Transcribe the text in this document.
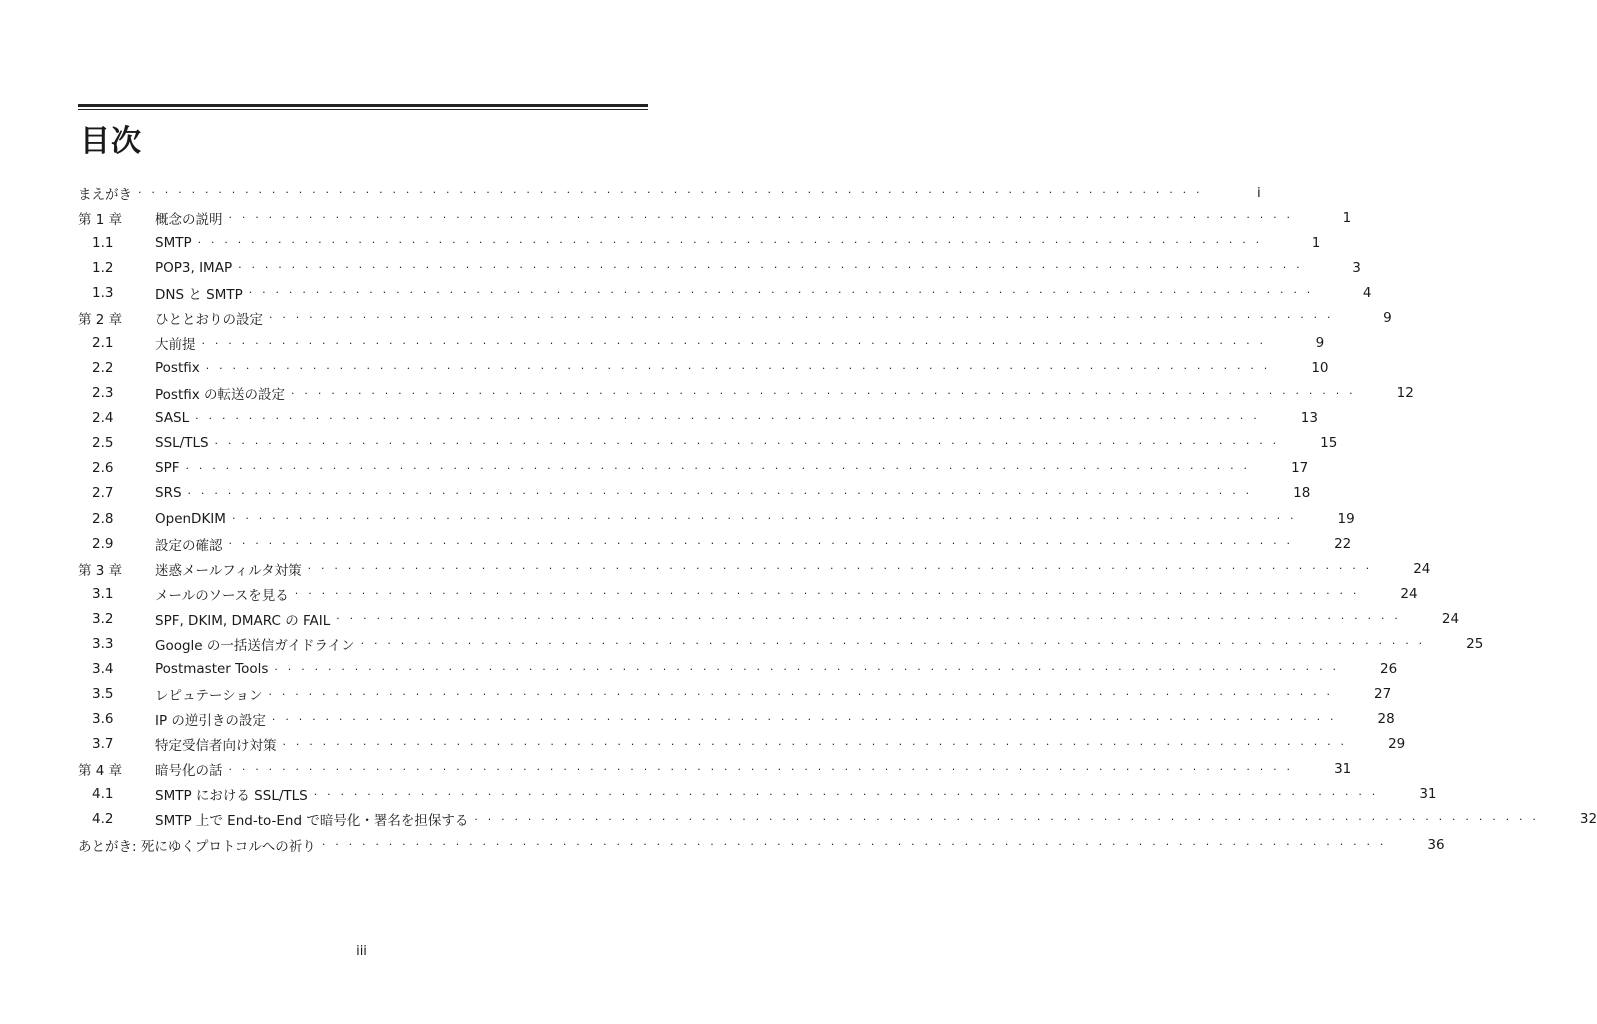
目次
まえがき · · · · · · · · · · · · · · · · · · · · · · · · · · · · · · · · · · · · · · · · · · · · · · · · · · · · · · · · · · · · · · · · · · · · · · · · · · · · · · · ·	i
第 1 章	概念の説明 · · · · · · · · · · · · · · · · · · · · · · · · · · · · · · · · · · · · · · · · · · · · · · · · · · · · · · · · · · · · · · · · · · · · · · · · · · · · · · · ·	1
1.1	SMTP · · · · · · · · · · · · · · · · · · · · · · · · · · · · · · · · · · · · · · · · · · · · · · · · · · · · · · · · · · · · · · · · · · · · · · · · · · · · · · · ·	1
1.2	POP3, IMAP · · · · · · · · · · · · · · · · · · · · · · · · · · · · · · · · · · · · · · · · · · · · · · · · · · · · · · · · · · · · · · · · · · · · · · · · · · · · · · · ·	3
1.3	DNS と SMTP · · · · · · · · · · · · · · · · · · · · · · · · · · · · · · · · · · · · · · · · · · · · · · · · · · · · · · · · · · · · · · · · · · · · · · · · · · · · · · · ·	4
第 2 章	ひととおりの設定 · · · · · · · · · · · · · · · · · · · · · · · · · · · · · · · · · · · · · · · · · · · · · · · · · · · · · · · · · · · · · · · · · · · · · · · · · · · · · · · ·	9
2.1	大前提 · · · · · · · · · · · · · · · · · · · · · · · · · · · · · · · · · · · · · · · · · · · · · · · · · · · · · · · · · · · · · · · · · · · · · · · · · · · · · · · ·	9
2.2	Postfix · · · · · · · · · · · · · · · · · · · · · · · · · · · · · · · · · · · · · · · · · · · · · · · · · · · · · · · · · · · · · · · · · · · · · · · · · · · · · · · ·	10
2.3	Postfix の転送の設定 · · · · · · · · · · · · · · · · · · · · · · · · · · · · · · · · · · · · · · · · · · · · · · · · · · · · · · · · · · · · · · · · · · · · · · · · · · · · · · · ·	12
2.4	SASL · · · · · · · · · · · · · · · · · · · · · · · · · · · · · · · · · · · · · · · · · · · · · · · · · · · · · · · · · · · · · · · · · · · · · · · · · · · · · · · ·	13
2.5	SSL/TLS · · · · · · · · · · · · · · · · · · · · · · · · · · · · · · · · · · · · · · · · · · · · · · · · · · · · · · · · · · · · · · · · · · · · · · · · · · · · · · · ·	15
2.6	SPF · · · · · · · · · · · · · · · · · · · · · · · · · · · · · · · · · · · · · · · · · · · · · · · · · · · · · · · · · · · · · · · · · · · · · · · · · · · · · · · ·	17
2.7	SRS · · · · · · · · · · · · · · · · · · · · · · · · · · · · · · · · · · · · · · · · · · · · · · · · · · · · · · · · · · · · · · · · · · · · · · · · · · · · · · · ·	18
2.8	OpenDKIM · · · · · · · · · · · · · · · · · · · · · · · · · · · · · · · · · · · · · · · · · · · · · · · · · · · · · · · · · · · · · · · · · · · · · · · · · · · · · · · ·	19
2.9	設定の確認 · · · · · · · · · · · · · · · · · · · · · · · · · · · · · · · · · · · · · · · · · · · · · · · · · · · · · · · · · · · · · · · · · · · · · · · · · · · · · · · ·	22
第 3 章	迷惑メールフィルタ対策 · · · · · · · · · · · · · · · · · · · · · · · · · · · · · · · · · · · · · · · · · · · · · · · · · · · · · · · · · · · · · · · · · · · · · · · · · · · · · · · ·	24
3.1	メールのソースを見る · · · · · · · · · · · · · · · · · · · · · · · · · · · · · · · · · · · · · · · · · · · · · · · · · · · · · · · · · · · · · · · · · · · · · · · · · · · · · · · ·	24
3.2	SPF, DKIM, DMARC の FAIL · · · · · · · · · · · · · · · · · · · · · · · · · · · · · · · · · · · · · · · · · · · · · · · · · · · · · · · · · · · · · · · · · · · · · · · · · · · · · · · ·	24
3.3	Google の一括送信ガイドライン · · · · · · · · · · · · · · · · · · · · · · · · · · · · · · · · · · · · · · · · · · · · · · · · · · · · · · · · · · · · · · · · · · · · · · · · · · · · · · · ·	25
3.4	Postmaster Tools · · · · · · · · · · · · · · · · · · · · · · · · · · · · · · · · · · · · · · · · · · · · · · · · · · · · · · · · · · · · · · · · · · · · · · · · · · · · · · · ·	26
3.5	レピュテーション · · · · · · · · · · · · · · · · · · · · · · · · · · · · · · · · · · · · · · · · · · · · · · · · · · · · · · · · · · · · · · · · · · · · · · · · · · · · · · · ·	27
3.6	IP の逆引きの設定 · · · · · · · · · · · · · · · · · · · · · · · · · · · · · · · · · · · · · · · · · · · · · · · · · · · · · · · · · · · · · · · · · · · · · · · · · · · · · · · ·	28
3.7	特定受信者向け対策 · · · · · · · · · · · · · · · · · · · · · · · · · · · · · · · · · · · · · · · · · · · · · · · · · · · · · · · · · · · · · · · · · · · · · · · · · · · · · · · ·	29
第 4 章	暗号化の話 · · · · · · · · · · · · · · · · · · · · · · · · · · · · · · · · · · · · · · · · · · · · · · · · · · · · · · · · · · · · · · · · · · · · · · · · · · · · · · · ·	31
4.1	SMTP における SSL/TLS · · · · · · · · · · · · · · · · · · · · · · · · · · · · · · · · · · · · · · · · · · · · · · · · · · · · · · · · · · · · · · · · · · · · · · · · · · · · · · · ·	31
4.2	SMTP 上で End-to-End で暗号化・署名を担保する · · · · · · · · · · · · · · · · · · · · · · · · · · · · · · · · · · · · · · · · · · · · · · · · · · · · · · · · · · · · · · · · · · · · · · · · · · · · · · · ·	32
あとがき: 死にゆくプロトコルへの祈り · · · · · · · · · · · · · · · · · · · · · · · · · · · · · · · · · · · · · · · · · · · · · · · · · · · · · · · · · · · · · · · · · · · · · · · · · · · · · · · ·	36
iii
